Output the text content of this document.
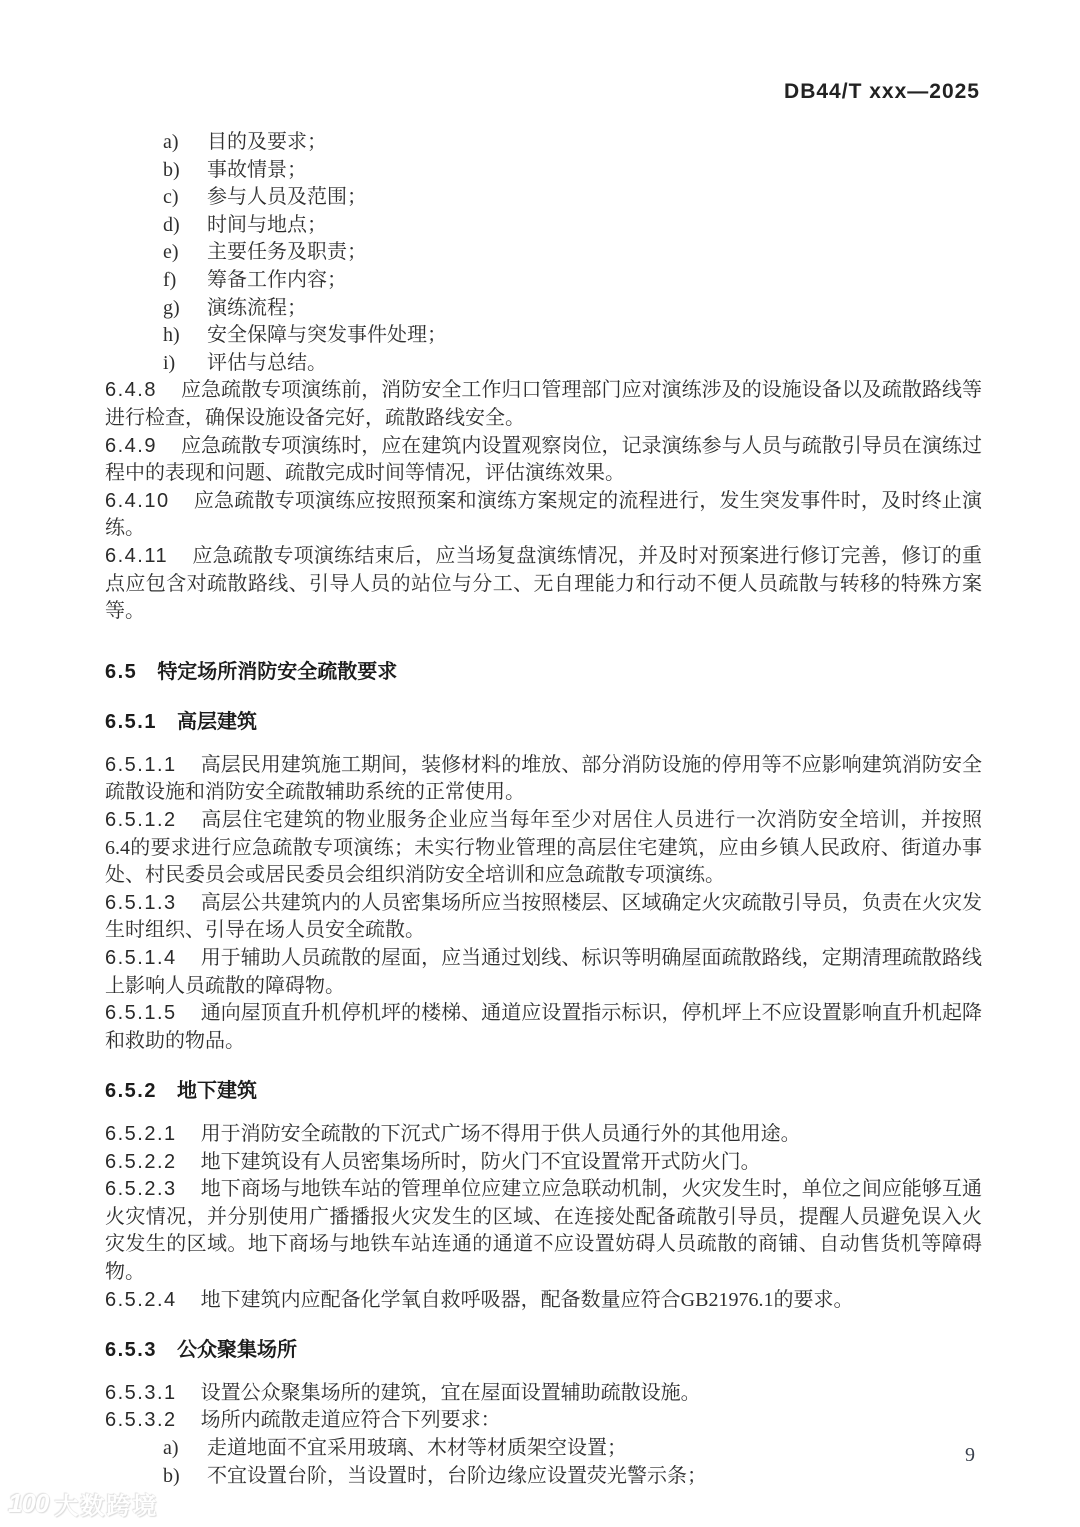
DB44/T xxx—2025
a)	目的及要求；
b)	事故情景；
c)	参与人员及范围；
d)	时间与地点；
e)	主要任务及职责；
f)	筹备工作内容；
g)	演练流程；
h)	安全保障与突发事件处理；
i)	评估与总结。

6.4.8 应急疏散专项演练前，消防安全工作归口管理部门应对演练涉及的设施设备以及疏散路线等进行检查，确保设施设备完好，疏散路线安全。

6.4.9 应急疏散专项演练时，应在建筑内设置观察岗位，记录演练参与人员与疏散引导员在演练过程中的表现和问题、疏散完成时间等情况，评估演练效果。

6.4.10 应急疏散专项演练应按照预案和演练方案规定的流程进行，发生突发事件时，及时终止演练。

6.4.11 应急疏散专项演练结束后，应当场复盘演练情况，并及时对预案进行修订完善，修订的重点应包含对疏散路线、引导人员的站位与分工、无自理能力和行动不便人员疏散与转移的特殊方案等。

6.5 特定场所消防安全疏散要求
6.5.1 高层建筑

6.5.1.1 高层民用建筑施工期间，装修材料的堆放、部分消防设施的停用等不应影响建筑消防安全疏散设施和消防安全疏散辅助系统的正常使用。

6.5.1.2 高层住宅建筑的物业服务企业应当每年至少对居住人员进行一次消防安全培训，并按照6.4的要求进行应急疏散专项演练；未实行物业管理的高层住宅建筑，应由乡镇人民政府、街道办事处、村民委员会或居民委员会组织消防安全培训和应急疏散专项演练。

6.5.1.3 高层公共建筑内的人员密集场所应当按照楼层、区域确定火灾疏散引导员，负责在火灾发生时组织、引导在场人员安全疏散。

6.5.1.4 用于辅助人员疏散的屋面，应当通过划线、标识等明确屋面疏散路线，定期清理疏散路线上影响人员疏散的障碍物。

6.5.1.5 通向屋顶直升机停机坪的楼梯、通道应设置指示标识，停机坪上不应设置影响直升机起降和救助的物品。

6.5.2 地下建筑

6.5.2.1 用于消防安全疏散的下沉式广场不得用于供人员通行外的其他用途。

6.5.2.2 地下建筑设有人员密集场所时，防火门不宜设置常开式防火门。

6.5.2.3 地下商场与地铁车站的管理单位应建立应急联动机制，火灾发生时，单位之间应能够互通火灾情况，并分别使用广播播报火灾发生的区域、在连接处配备疏散引导员，提醒人员避免误入火灾发生的区域。地下商场与地铁车站连通的通道不应设置妨碍人员疏散的商铺、自动售货机等障碍物。

6.5.2.4 地下建筑内应配备化学氧自救呼吸器，配备数量应符合GB21976.1的要求。

6.5.3 公众聚集场所

6.5.3.1 设置公众聚集场所的建筑，宜在屋面设置辅助疏散设施。

6.5.3.2 场所内疏散走道应符合下列要求：

a)	走道地面不宜采用玻璃、木材等材质架空设置；
b)	不宜设置台阶，当设置时，台阶边缘应设置荧光警示条；
9
100 大数跨境
